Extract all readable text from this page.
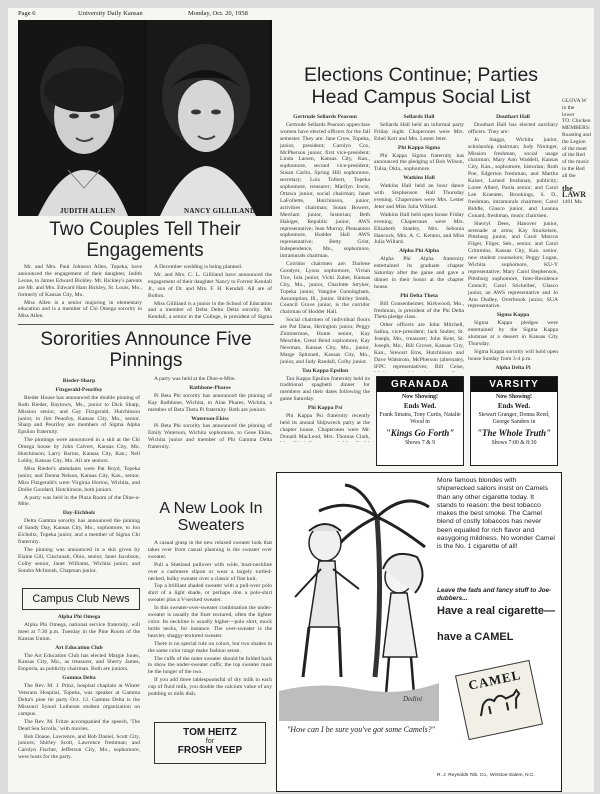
Page 6	University Daily Kansan	Monday, Oct. 20, 1958
JUDITH ALLEN	NANCY GILLILAND
Two Couples Tell Their Engagements

Mr. and Mrs. Paul Johnson Allen, Topeka, have announced the engagement of their daughter, Judith Leone, to James Edward Bickley. Mr. Bickley's parents are Mr. and Mrs. Edward Ham Bickley, St. Louis, Mo., formerly of Kansas City, Mo.

Miss Allen is a senior majoring in elementary education and is a member of Chi Omega sorority in Miss Allen.

A December wedding is being planned.

Mr. and Mrs. C. L. Gilliland have announced the engagement of their daughter Nancy to Forrest Kendall Jr., son of Dr. and Mrs. F. H. Kendall. All are of Bolton.

Miss Gilliland is a junior in the School of Education and a member of Delta Delta Delta sorority. Mr. Kendall, a senior in the College, is president of Sigma

Sororities Announce Five Pinnings

Rieder-Sharp

Fitzgerald-Peurifoy

Rieder House has announced the double pinning of Ruth Rieder, Baytown, Ms., junior to Dick Sharp, Mission senior, and Gay Fitzgerald, Hutchinson junior, to Jim Peuofoy, Kansas City, Mo., senior. Sharp and Peurifoy are members of Sigma Alpha Epsilon fraternity.

The pinnings were announced in a skit at the Chi Omega house by John Calvert, Kansas City, Mo. Hutchinson; Larry Barrus, Kansas City, Kan.; Nell Lobby, Kansas City, Mo. All are seniors.

Miss Rieder's attendants were Pat Boyd, Topeka junior, and Donna Nelson, Kansas City, Kan., senior. Miss Fitzgerald's were Virginia Horton, Wichita, and Dollie Goodard, Hutchinson, both juniors.

A party was held in the Plaza Room of the Dine-a-Mite.

Day-Eichholz

Delta Gamma sorority has announced the pinning of Sandy Day, Kansas City, Mo., sophomore, to Jon Eicholtz, Topeka junior, and a member of Sigma Chi fraternity.

The pinning was announced in a skit given by Elaine Gill, Cincinnati, Ohio, senior, Janet Jacobson, Colby senior, Janet Williams, Wichita junior, and Sondra McIntosh, Chapman junior.

A party was held at the Dine-a-Mite.

Rathbone-Phares

Pi Beta Phi sorority has announced the pinning of Kay Rathbone, Wichita, to Alan Phares, Wichita, a member of Beta Theta Pi fraternity. Both are juniors.

Waterson-Ekiss

Pi Beta Phi sorority has announced the pinning of Emily Waterson, Wichita sophomore, to Gene Ekiss, Wichita junior and member of Phi Gamma Delta fraternity.

A New Look In Sweaters

A casual grasp in the new relaxed sweater look that takes over from casual planning is the sweater over sweater.

Pull a Shetland pullover with wide, boat-neckline over a cashmere slipon or wear a largely turtled-necked, bulky sweater over a classic of fine knit.

Top a brilliant shaded sweater with a pull-over polo shirt of a light shade, or perhaps don a polo-shirt sweater plus a V-necked sweater.

In this sweater-over-sweater combination the under-sweater is usually the finer textured, often the lighter color. Its neckline is usually higher—polo shirt, mock turtle necks, for instance. The over-sweater is the heavier, shaggy-textured sweater.

There is no special rule on colors, but two shades in the same color range make fashion sense.

The cuffs of the outer sweater should be folded back to show the under-sweater cuffs; the top sweater must be the longer of the two.

If you add three tablespoonsful of dry milk to each cup of fluid milk, you double the calcium value of any pudding or milk dish.

Campus Club News

Alpha Phi Omega

Alpha Phi Omega, national service fraternity, will meet at 7:30 p.m. Tuesday in the Pine Room of the Kansas Union.

Art Education Club

The Art Education Club has elected Margie Jones, Kansas City, Mo., as treasurer, and Sherry James, Emporia, as publicity chairman. Both are juniors.

Gamma Delta

The Rev. M. J. Prinz, hospital chaplain at Winter Veterans Hospital, Topeka, was speaker at Gamma Delta's pine tie party Oct. 13. Gamma Delta is the Missouri Synod Lutheran student organization on campus.

The Rev. M. Fritze accompanied the speech, 'The Dead Sea Scrolls,' with movies.

Bob Doane, Lawrence, and Bob Daniel, Scott City, juniors; Shirley Scott, Lawrence freshman; and Carolyn Fischer, Jefferson City, Mo., sophomore, were hosts for the party.

TOM HEITZ
for
FROSH VEEP
Elections Continue; Parties Head Campus Social List

Gertrude Sellards Pearson

Gertrude Sellards Pearson upperclass women have elected officers for the fall semester. They are: Jane Crow, Topeka, junior, president; Carolyn Cox, McPherson junior, first vice-president; Linda Larsen, Kansas City, Kan., sophomore, second vice-president; Susan Carlin, Spring Hill sophomore, secretary; Lois Tolbert, Topeka sophomore, treasurer; Marilyn Irwin, Ottawa junior, social chairman; Janet LaFollette, Hutchinson, junior, activities chairman; Susan Bowers, Merriam junior, historian; Beth Habiger, Republic junior, AWS representative; Jean Murray, Pleasanton sophomore, Hodder Hall AWS representative; Betty Grist, Independence, Mo., sophomore, intramurals chairman.

Corridor chairmen are: Darlene Goodyer, Lyons sophomore, Vivian Tice, Iola junior, Vicki Zuber, Kansas City, Mo., junior, Charlotte Stryker, Topeka junior, Vangine Cunningham, Assumption, Ill., junior. Shirley Smith, Council Grove junior, is the corridor chairman of Hodder Hall.

Social chairmen of individual floors are Pat Dana, Herington junior, Peggy Zimmerman, Home senior, Kay Meschke, Great Bend sophomore, Kay Newman, Kansas City, Mo., junior, Marge Spitznetl, Kansas City, Mo., junior, and Judy Randall, Colby junior.

Tau Kappa Epsilon

Tau Kappa Epsilon fraternity held its traditional spaghetti dinner for members and their dates following the game Saturday.

Phi Kappa Psi

Phi Kappa Psi fraternity recently held its annual Shipwreck party at the chapter house. Chaperones were Mr. Donald MacLeod, Mrs. Thomas Clark,

Sellards Hall

Sellards Hall held an informal party Friday night. Chaperones were Mrs. Ethel Kerr and Mrs. Lester Jeter.

Phi Kappa Sigma

Phi Kappa Sigma fraternity has announced the pledging of Bob Wilson, Tulsa, Okla., sophomore.

Watkins Hall

Watkins Hall held an hour dance with Stephenson Hall Thursday evening. Chaperones were Mrs. Lester Jeter and Miss Julia Willard.

Watkins Hall held open house Friday evening. Chaperones were Mrs. Elizabeth Stanley, Mrs. Sebonia Hancock, Mrs. A. C. Kenton, and Miss Julia Willard.

Alpha Phi Alpha

Alpha Phi Alpha fraternity entertained its graduate chapter Saturday after the game and gave a dinner in their honor at the chapter house.

Phi Delta Theta

Bill Gunsenheimer, Kirkwood, Mo., freshman, is president of the Phi Delta Theta pledge class.

Other officers are John Mitchell, Salina, vice-president; Jack Stuber, St. Joseph, Mo., treasurer; John Kent, St. Joseph, Mo., Bill Grover, Kansas City, Kan., Stewart Erns, Hutchinson and Dave Walstrom, McPherson (alternate), IFPC representatives; Bill Ceise,

Douthart Hall

Douthart Hall has elected auxiliary officers. They are:

Jo Staggs, Wichita junior, scholarship chairman; Judy Nininger, Mission freshman, social usage chairman; Mary Ann Waddell, Kansas City, Kan., sophomore, historian; Ruth Poe, Edgerton freshman, and Martha Kaiser, Larned freshman, publicity; Loree Albert, Paola senior, and Carol Lee Kraeuter, Brookings, S. D., freshman, intramurals chairmen; Carol Biddle, Glasco junior, and Leanna Conard, freshman, music chairmen.

Sherryl Dees, Hanover junior, serenade at arms; Kay Stuckeisen, Pittsburg junior, and Carol Marcus Filger, Filger, Seb., senior, and Carol Crimmins, Kansas City, Kan. senior, new student counselors; Peggy Logan, Wichita sophomore, KU-Y representative; Mary Carol Stephenson, Pittsburg sophomore, Inter-Residence Council; Carol Stickelber, Glasco junior, an AWS representative and Jo Ann Dudley, Overbrook junior, SUA representative.

Sigma Kappa

Sigma Kappa pledges were entertained by the Sigma Kappa alumnae at a dessert in Kansas City Thursday.

Sigma Kappa sorority will hold open house Sunday from 3-4 p.m.

Alpha Delta Pi

GRANADA
Now Showing!
Ends Wed.
Frank Sinatra, Tony Curtis, Natalie Wood in
"Kings Go Forth"
Shows 7 & 9
VARSITY
Now Showing!
Ends Wed.
Stewart Granger, Donna Reed, George Sanders in
"The Whole Truth"
Shows 7:00 & 8:30
Dedini
More famous blondes with shipwrecked sailors insist on Camels than any other cigarette today. It stands to reason: the best tobacco makes the best smoke. The Camel blend of costly tobaccos has never been equalled for rich flavor and easygoing mildness. No wonder Camel is the No. 1 cigarette of all!
Leave the fads and fancy stuff to Joe-dubbers...
Have a real cigarette—
have a CAMEL
CAMEL
"How can I be sure you've got some Camels?"
R. J. Reynolds Tob. Co., Winston-Salem, N.C.
GLOVA W
in the
lower
TO: Chicken
MEMBERS:
Roasting and
the Legion
of the meet
of the Red
of the music
in the Red
all the
the LAWR
1401 Ma
